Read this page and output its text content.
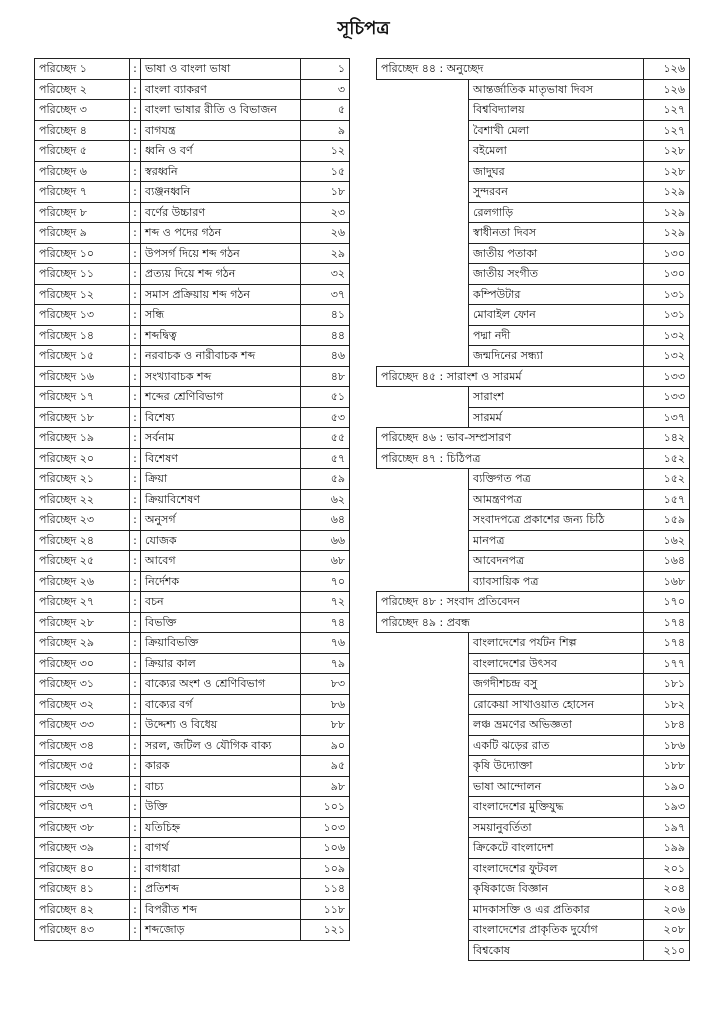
সূচিপত্র
পরিচ্ছেদ ১	:	ভাষা ও বাংলা ভাষা	১
পরিচ্ছেদ ২	:	বাংলা ব্যাকরণ	৩
পরিচ্ছেদ ৩	:	বাংলা ভাষার রীতি ও বিভাজন	৫
পরিচ্ছেদ ৪	:	বাগযন্ত্র	৯
পরিচ্ছেদ ৫	:	ধ্বনি ও বর্ণ	১২
পরিচ্ছেদ ৬	:	স্বরধ্বনি	১৫
পরিচ্ছেদ ৭	:	ব্যঞ্জনধ্বনি	১৮
পরিচ্ছেদ ৮	:	বর্ণের উচ্চারণ	২৩
পরিচ্ছেদ ৯	:	শব্দ ও পদের গঠন	২৬
পরিচ্ছেদ ১০	:	উপসর্গ দিয়ে শব্দ গঠন	২৯
পরিচ্ছেদ ১১	:	প্রত্যয় দিয়ে শব্দ গঠন	৩২
পরিচ্ছেদ ১২	:	সমাস প্রক্রিয়ায় শব্দ গঠন	৩৭
পরিচ্ছেদ ১৩	:	সন্ধি	৪১
পরিচ্ছেদ ১৪	:	শব্দদ্বিত্ব	৪৪
পরিচ্ছেদ ১৫	:	নরবাচক ও নারীবাচক শব্দ	৪৬
পরিচ্ছেদ ১৬	:	সংখ্যাবাচক শব্দ	৪৮
পরিচ্ছেদ ১৭	:	শব্দের শ্রেণিবিভাগ	৫১
পরিচ্ছেদ ১৮	:	বিশেষ্য	৫৩
পরিচ্ছেদ ১৯	:	সর্বনাম	৫৫
পরিচ্ছেদ ২০	:	বিশেষণ	৫৭
পরিচ্ছেদ ২১	:	ক্রিয়া	৫৯
পরিচ্ছেদ ২২	:	ক্রিয়াবিশেষণ	৬২
পরিচ্ছেদ ২৩	:	অনুসর্গ	৬৪
পরিচ্ছেদ ২৪	:	যোজক	৬৬
পরিচ্ছেদ ২৫	:	আবেগ	৬৮
পরিচ্ছেদ ২৬	:	নির্দেশক	৭০
পরিচ্ছেদ ২৭	:	বচন	৭২
পরিচ্ছেদ ২৮	:	বিভক্তি	৭৪
পরিচ্ছেদ ২৯	:	ক্রিয়াবিভক্তি	৭৬
পরিচ্ছেদ ৩০	:	ক্রিয়ার কাল	৭৯
পরিচ্ছেদ ৩১	:	বাক্যের অংশ ও শ্রেণিবিভাগ	৮৩
পরিচ্ছেদ ৩২	:	বাক্যের বর্গ	৮৬
পরিচ্ছেদ ৩৩	:	উদ্দেশ্য ও বিধেয়	৮৮
পরিচ্ছেদ ৩৪	:	সরল, জটিল ও যৌগিক বাক্য	৯০
পরিচ্ছেদ ৩৫	:	কারক	৯৫
পরিচ্ছেদ ৩৬	:	বাচ্য	৯৮
পরিচ্ছেদ ৩৭	:	উক্তি	১০১
পরিচ্ছেদ ৩৮	:	যতিচিহ্ন	১০৩
পরিচ্ছেদ ৩৯	:	বাগর্থ	১০৬
পরিচ্ছেদ ৪০	:	বাগধারা	১০৯
পরিচ্ছেদ ৪১	:	প্রতিশব্দ	১১৪
পরিচ্ছেদ ৪২	:	বিপরীত শব্দ	১১৮
পরিচ্ছেদ ৪৩	:	শব্দজোড়	১২১
পরিচ্ছেদ ৪৪ : অনুচ্ছেদ		১২৬
	আন্তর্জাতিক মাতৃভাষা দিবস	১২৬
	বিশ্ববিদ্যালয়	১২৭
	বৈশাখী মেলা	১২৭
	বইমেলা	১২৮
	জাদুঘর	১২৮
	সুন্দরবন	১২৯
	রেলগাড়ি	১২৯
	স্বাধীনতা দিবস	১২৯
	জাতীয় পতাকা	১৩০
	জাতীয় সংগীত	১৩০
	কম্পিউটার	১৩১
	মোবাইল ফোন	১৩১
	পদ্মা নদী	১৩২
	জন্মদিনের সন্ধ্যা	১৩২
পরিচ্ছেদ ৪৫ : সারাংশ ও সারমর্ম		১৩৩
	সারাংশ	১৩৩
	সারমর্ম	১৩৭
পরিচ্ছেদ ৪৬ : ভাব-সম্প্রসারণ		১৪২
পরিচ্ছেদ ৪৭ : চিঠিপত্র		১৫২
	ব্যক্তিগত পত্র	১৫২
	আমন্ত্রণপত্র	১৫৭
	সংবাদপত্রে প্রকাশের জন্য চিঠি	১৫৯
	মানপত্র	১৬২
	আবেদনপত্র	১৬৪
	ব্যাবসায়িক পত্র	১৬৮
পরিচ্ছেদ ৪৮ : সংবাদ প্রতিবেদন		১৭০
পরিচ্ছেদ ৪৯ : প্রবন্ধ		১৭৪
	বাংলাদেশের পর্যটন শিল্প	১৭৪
	বাংলাদেশের উৎসব	১৭৭
	জগদীশচন্দ্র বসু	১৮১
	রোকেয়া সাখাওয়াত হোসেন	১৮২
	লঞ্চ ভ্রমণের অভিজ্ঞতা	১৮৪
	একটি ঝড়ের রাত	১৮৬
	কৃষি উদ্যোক্তা	১৮৮
	ভাষা আন্দোলন	১৯০
	বাংলাদেশের মুক্তিযুদ্ধ	১৯৩
	সময়ানুবর্তিতা	১৯৭
	ক্রিকেটে বাংলাদেশ	১৯৯
	বাংলাদেশের ফুটবল	২০১
	কৃষিকাজে বিজ্ঞান	২০৪
	মাদকাসক্তি ও এর প্রতিকার	২০৬
	বাংলাদেশের প্রাকৃতিক দুর্যোগ	২০৮
	বিশ্বকোষ	২১০
